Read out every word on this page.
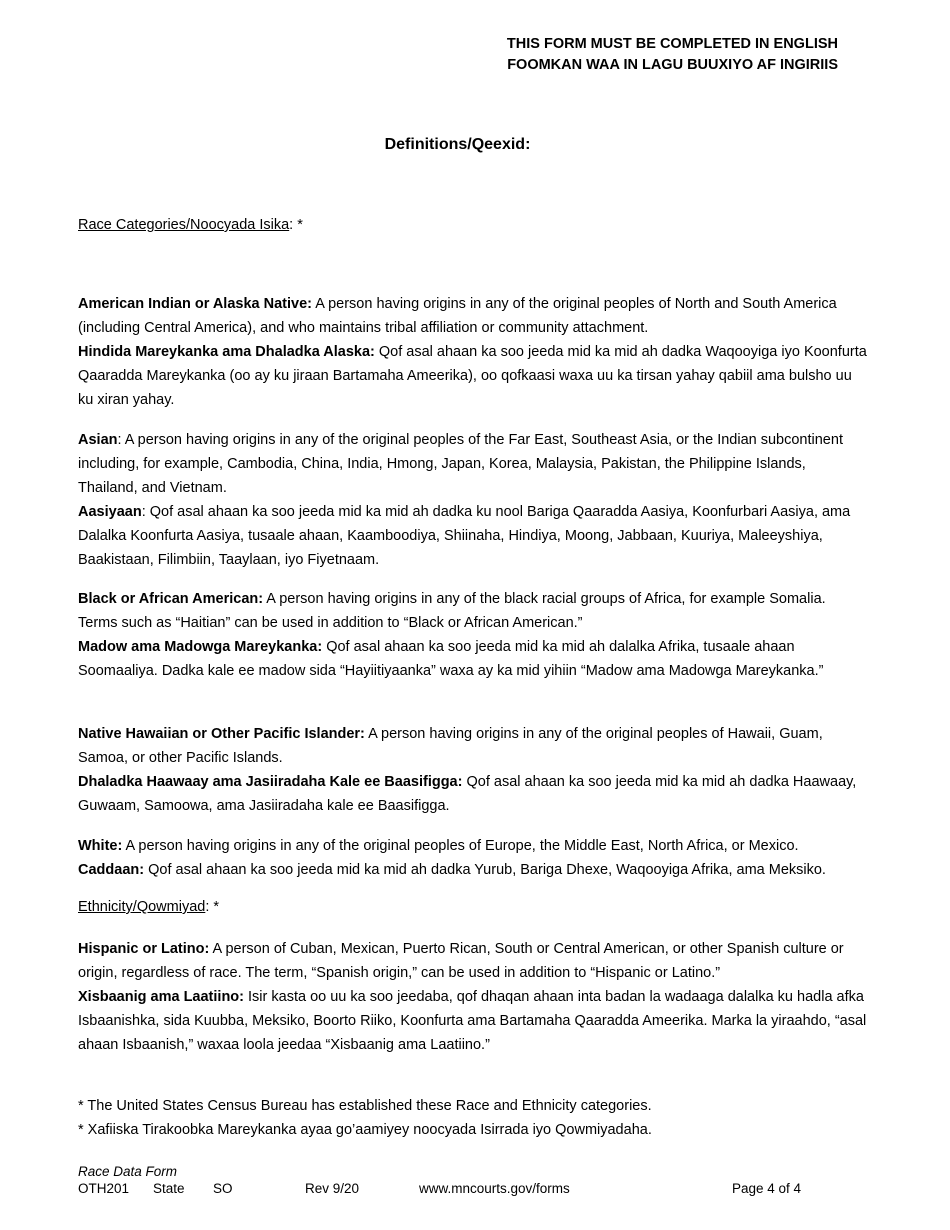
THIS FORM MUST BE COMPLETED IN ENGLISH
FOOMKAN WAA IN LAGU BUUXIYO AF INGIRIIS
Definitions/Qeexid:
Race Categories/Noocyada Isika: *
American Indian or Alaska Native: A person having origins in any of the original peoples of North and South America (including Central America), and who maintains tribal affiliation or community attachment.
Hindida Mareykanka ama Dhaladka Alaska: Qof asal ahaan ka soo jeeda mid ka mid ah dadka Waqooyiga iyo Koonfurta Qaaradda Mareykanka (oo ay ku jiraan Bartamaha Ameerika), oo qofkaasi waxa uu ka tirsan yahay qabiil ama bulsho uu ku xiran yahay.
Asian: A person having origins in any of the original peoples of the Far East, Southeast Asia, or the Indian subcontinent including, for example, Cambodia, China, India, Hmong, Japan, Korea, Malaysia, Pakistan, the Philippine Islands, Thailand, and Vietnam.
Aasiyaan: Qof asal ahaan ka soo jeeda mid ka mid ah dadka ku nool Bariga Qaaradda Aasiya, Koonfurbari Aasiya, ama Dalalka Koonfurta Aasiya, tusaale ahaan, Kaamboodiya, Shiinaha, Hindiya, Moong, Jabbaan, Kuuriya, Maleeyshiya, Baakistaan, Filimbiin, Taaylaan, iyo Fiyetnaam.
Black or African American: A person having origins in any of the black racial groups of Africa, for example Somalia. Terms such as “Haitian” can be used in addition to “Black or African American.”
Madow ama Madowga Mareykanka: Qof asal ahaan ka soo jeeda mid ka mid ah dalalka Afrika, tusaale ahaan Soomaaliya. Dadka kale ee madow sida “Hayiitiyaanka” waxa ay ka mid yihiin “Madow ama Madowga Mareykanka.”
Native Hawaiian or Other Pacific Islander: A person having origins in any of the original peoples of Hawaii, Guam, Samoa, or other Pacific Islands.
Dhaladka Haawaay ama Jasiiradaha Kale ee Baasifigga: Qof asal ahaan ka soo jeeda mid ka mid ah dadka Haawaay, Guwaam, Samoowa, ama Jasiiradaha kale ee Baasifigga.
White: A person having origins in any of the original peoples of Europe, the Middle East, North Africa, or Mexico.
Caddaan: Qof asal ahaan ka soo jeeda mid ka mid ah dadka Yurub, Bariga Dhexe, Waqooyiga Afrika, ama Meksiko.
Ethnicity/Qowmiyad: *
Hispanic or Latino: A person of Cuban, Mexican, Puerto Rican, South or Central American, or other Spanish culture or origin, regardless of race. The term, “Spanish origin,” can be used in addition to “Hispanic or Latino.”
Xisbaanig ama Laatiino: Isir kasta oo uu ka soo jeedaba, qof dhaqan ahaan inta badan la wadaaga dalalka ku hadla afka Isbaanishka, sida Kuubba, Meksiko, Boorto Riiko, Koonfurta ama Bartamaha Qaaradda Ameerika. Marka la yiraahdo, “asal ahaan Isbaanish,” waxaa loola jeedaa “Xisbaanig ama Laatiino.”
* The United States Census Bureau has established these Race and Ethnicity categories.
* Xafiiska Tirakoobka Mareykanka ayaa go’aamiyey noocyada Isirrada iyo Qowmiyadaha.
Race Data Form
OTH201 State SO	Rev 9/20	www.mncourts.gov/forms	Page 4 of 4
